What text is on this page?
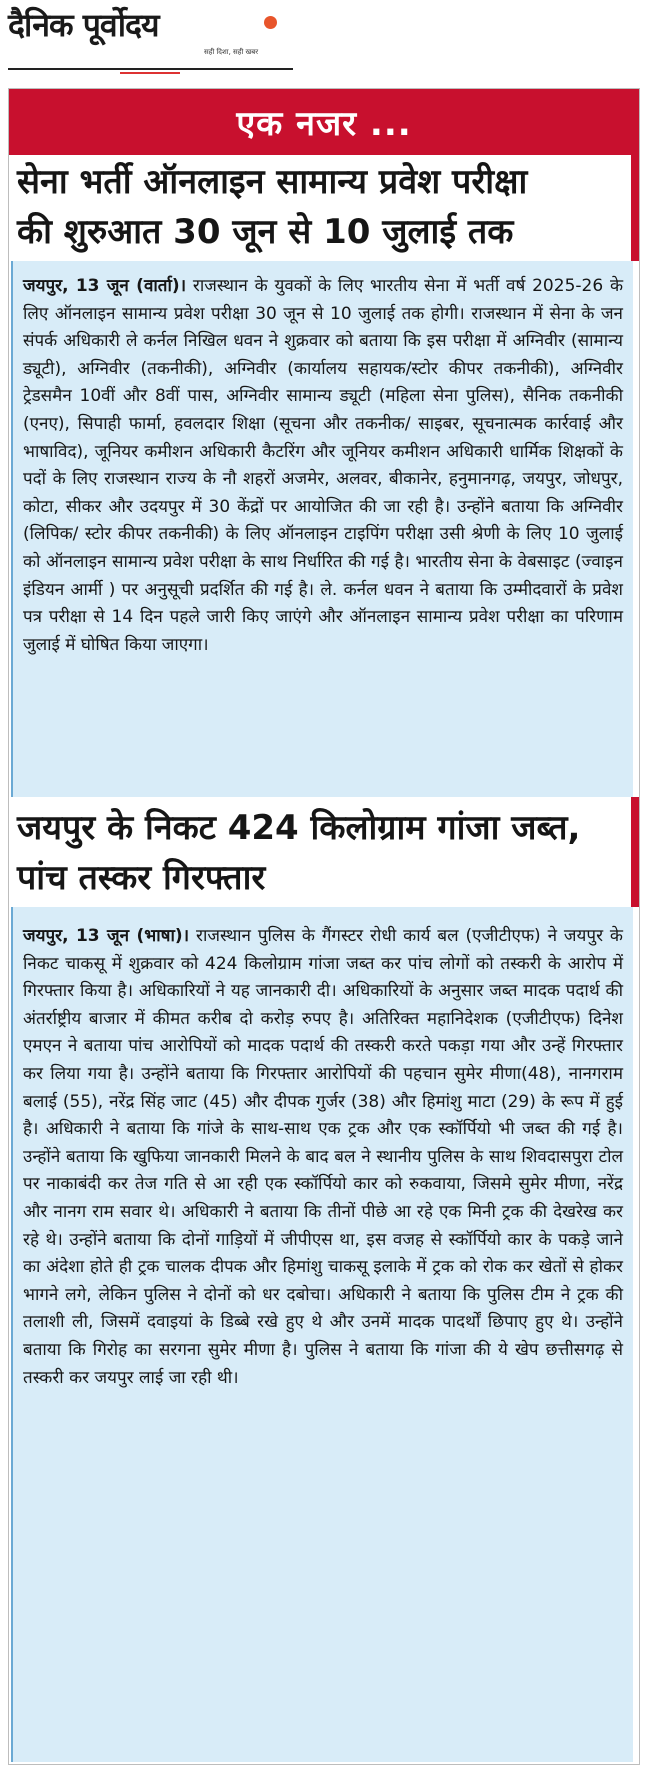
दैनिक पूर्वोदय
सही दिशा, सही खबर
एक नजर ...
सेना भर्ती ऑनलाइन सामान्य प्रवेश परीक्षा
की शुरुआत 30 जून से 10 जुलाई तक

जयपुर, 13 जून (वार्ता)। राजस्थान के युवकों के लिए भारतीय सेना में भर्ती वर्ष 2025-26 के लिए ऑनलाइन सामान्य प्रवेश परीक्षा 30 जून से 10 जुलाई तक होगी। राजस्थान में सेना के जन संपर्क अधिकारी ले कर्नल निखिल धवन ने शुक्रवार को बताया कि इस परीक्षा में अग्निवीर (सामान्य ड्यूटी), अग्निवीर (तकनीकी), अग्निवीर (कार्यालय सहायक/स्टोर कीपर तकनीकी), अग्निवीर ट्रेडसमैन 10वीं और 8वीं पास, अग्निवीर सामान्य ड्यूटी (महिला सेना पुलिस), सैनिक तकनीकी (एनए), सिपाही फार्मा, हवलदार शिक्षा (सूचना और तकनीक/ साइबर, सूचनात्मक कार्रवाई और भाषाविद), जूनियर कमीशन अधिकारी कैटरिंग और जूनियर कमीशन अधिकारी धार्मिक शिक्षकों के पदों के लिए राजस्थान राज्य के नौ शहरों अजमेर, अलवर, बीकानेर, हनुमानगढ़, जयपुर, जोधपुर, कोटा, सीकर और उदयपुर में 30 केंद्रों पर आयोजित की जा रही है। उन्होंने बताया कि अग्निवीर (लिपिक/ स्टोर कीपर तकनीकी) के लिए ऑनलाइन टाइपिंग परीक्षा उसी श्रेणी के लिए 10 जुलाई को ऑनलाइन सामान्य प्रवेश परीक्षा के साथ निर्धारित की गई है। भारतीय सेना के वेबसाइट (ज्वाइन इंडियन आर्मी ) पर अनुसूची प्रदर्शित की गई है। ले. कर्नल धवन ने बताया कि उम्मीदवारों के प्रवेश पत्र परीक्षा से 14 दिन पहले जारी किए जाएंगे और ऑनलाइन सामान्य प्रवेश परीक्षा का परिणाम जुलाई में घोषित किया जाएगा।

जयपुर के निकट 424 किलोग्राम गांजा जब्त,
पांच तस्कर गिरफ्तार

जयपुर, 13 जून (भाषा)। राजस्थान पुलिस के गैंगस्टर रोधी कार्य बल (एजीटीएफ) ने जयपुर के निकट चाकसू में शुक्रवार को 424 किलोग्राम गांजा जब्त कर पांच लोगों को तस्करी के आरोप में गिरफ्तार किया है। अधिकारियों ने यह जानकारी दी। अधिकारियों के अनुसार जब्त मादक पदार्थ की अंतर्राष्ट्रीय बाजार में कीमत करीब दो करोड़ रुपए है। अतिरिक्त महानिदेशक (एजीटीएफ) दिनेश एमएन ने बताया पांच आरोपियों को मादक पदार्थ की तस्करी करते पकड़ा गया और उन्हें गिरफ्तार कर लिया गया है। उन्होंने बताया कि गिरफ्तार आरोपियों की पहचान सुमेर मीणा(48), नानगराम बलाई (55), नरेंद्र सिंह जाट (45) और दीपक गुर्जर (38) और हिमांशु माटा (29) के रूप में हुई है। अधिकारी ने बताया कि गांजे के साथ-साथ एक ट्रक और एक स्कॉर्पियो भी जब्त की गई है। उन्होंने बताया कि खुफिया जानकारी मिलने के बाद बल ने स्थानीय पुलिस के साथ शिवदासपुरा टोल पर नाकाबंदी कर तेज गति से आ रही एक स्कॉर्पियो कार को रुकवाया, जिसमे सुमेर मीणा, नरेंद्र और नानग राम सवार थे। अधिकारी ने बताया कि तीनों पीछे आ रहे एक मिनी ट्रक की देखरेख कर रहे थे। उन्होंने बताया कि दोनों गाड़ियों में जीपीएस था, इस वजह से स्कॉर्पियो कार के पकड़े जाने का अंदेशा होते ही ट्रक चालक दीपक और हिमांशु चाकसू इलाके में ट्रक को रोक कर खेतों से होकर भागने लगे, लेकिन पुलिस ने दोनों को धर दबोचा। अधिकारी ने बताया कि पुलिस टीम ने ट्रक की तलाशी ली, जिसमें दवाइयां के डिब्बे रखे हुए थे और उनमें मादक पादर्थों छिपाए हुए थे। उन्होंने बताया कि गिरोह का सरगना सुमेर मीणा है। पुलिस ने बताया कि गांजा की ये खेप छत्तीसगढ़ से तस्करी कर जयपुर लाई जा रही थी।
